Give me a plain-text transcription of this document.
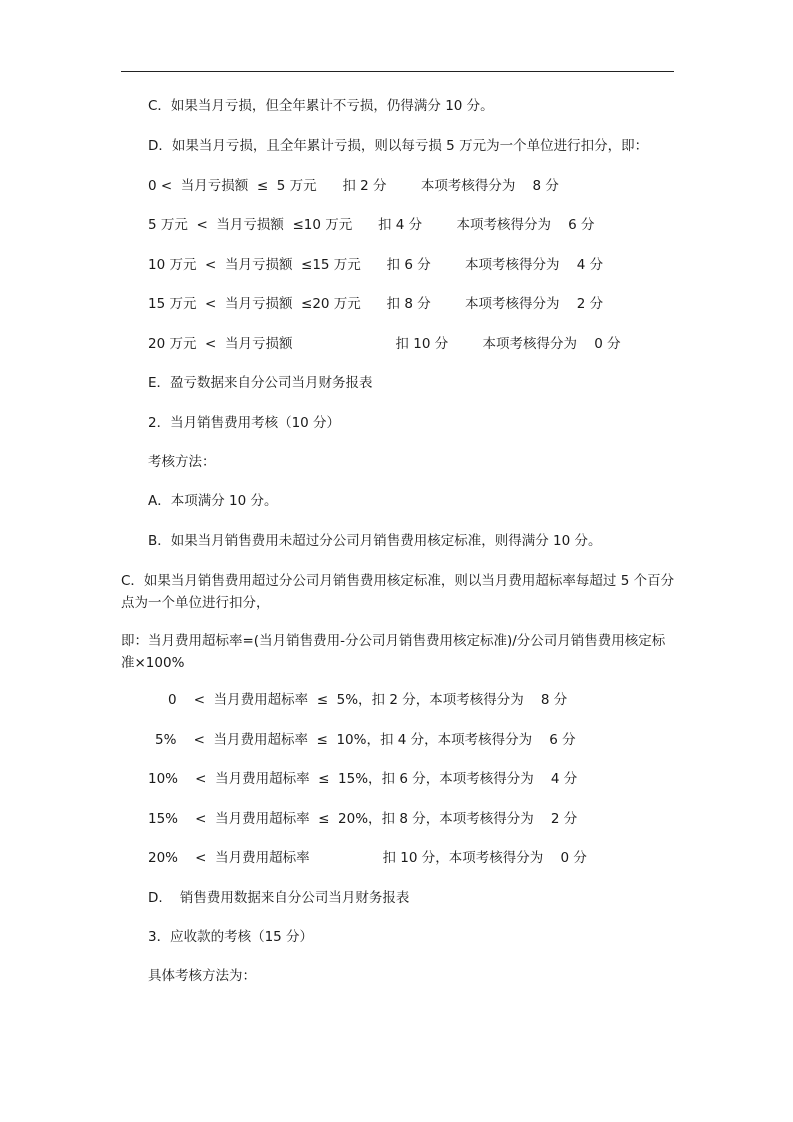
C．如果当月亏损，但全年累计不亏损，仍得满分 10 分。
D．如果当月亏损，且全年累计亏损，则以每亏损 5 万元为一个单位进行扣分，即：
0 <  当月亏损额  ≤  5 万元      扣 2 分        本项考核得分为    8 分
5 万元  <  当月亏损额  ≤10 万元      扣 4 分        本项考核得分为    6 分
10 万元  <  当月亏损额  ≤15 万元      扣 6 分        本项考核得分为    4 分
15 万元  <  当月亏损额  ≤20 万元      扣 8 分        本项考核得分为    2 分
20 万元  <  当月亏损额                        扣 10 分        本项考核得分为    0 分
E．盈亏数据来自分公司当月财务报表
2．当月销售费用考核（10 分）
考核方法：
A．本项满分 10 分。
B．如果当月销售费用未超过分公司月销售费用核定标准，则得满分 10 分。
C．如果当月销售费用超过分公司月销售费用核定标准，则以当月费用超标率每超过 5 个百分点为一个单位进行扣分，
即：当月费用超标率=(当月销售费用-分公司月销售费用核定标准)/分公司月销售费用核定标准×100%
0    <  当月费用超标率  ≤  5%，扣 2 分，本项考核得分为    8 分
5%    <  当月费用超标率  ≤  10%，扣 4 分，本项考核得分为    6 分
10%    <  当月费用超标率  ≤  15%，扣 6 分，本项考核得分为    4 分
15%    <  当月费用超标率  ≤  20%，扣 8 分，本项考核得分为    2 分
20%    <  当月费用超标率                 扣 10 分，本项考核得分为    0 分
D.    销售费用数据来自分公司当月财务报表
3．应收款的考核（15 分）
具体考核方法为：
